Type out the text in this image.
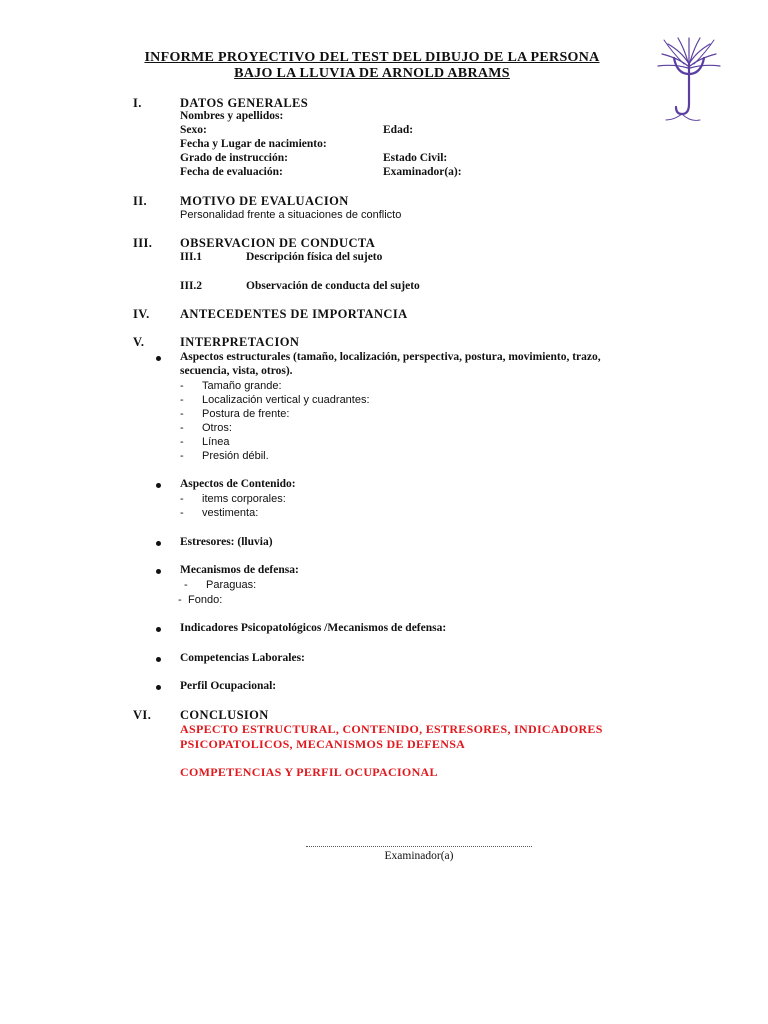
INFORME PROYECTIVO DEL TEST DEL DIBUJO DE LA PERSONA
BAJO LA LLUVIA DE ARNOLD ABRAMS
I.	DATOS GENERALES
Nombres y apellidos:
Sexo:	Edad:
Fecha y Lugar de nacimiento:
Grado de instrucción:	Estado Civil:
Fecha de evaluación:	Examinador(a):
II.	MOTIVO DE EVALUACION
Personalidad frente a situaciones de conflicto
III. OBSERVACION DE CONDUCTA
III.1	Descripción física del sujeto
III.2	Observación de conducta del sujeto
IV. ANTECEDENTES DE IMPORTANCIA
V.	INTERPRETACION
Aspectos estructurales (tamaño, localización, perspectiva, postura, movimiento, trazo,
secuencia, vista, otros).
- Tamaño grande:
- Localización vertical y cuadrantes:
- Postura de frente:
- Otros:
- Línea
- Presión débil.
Aspectos de Contenido:
- items corporales:
- vestimenta:
Estresores: (lluvia)
Mecanismos de defensa:
- Paraguas:
- Fondo:
Indicadores Psicopatológicos /Mecanismos de defensa:
Competencias Laborales:
Perfil Ocupacional:
VI. CONCLUSION
ASPECTO ESTRUCTURAL, CONTENIDO, ESTRESORES, INDICADORES
PSICOPATOLICOS, MECANISMOS DE DEFENSA
COMPETENCIAS Y PERFIL OCUPACIONAL
Examinador(a)
